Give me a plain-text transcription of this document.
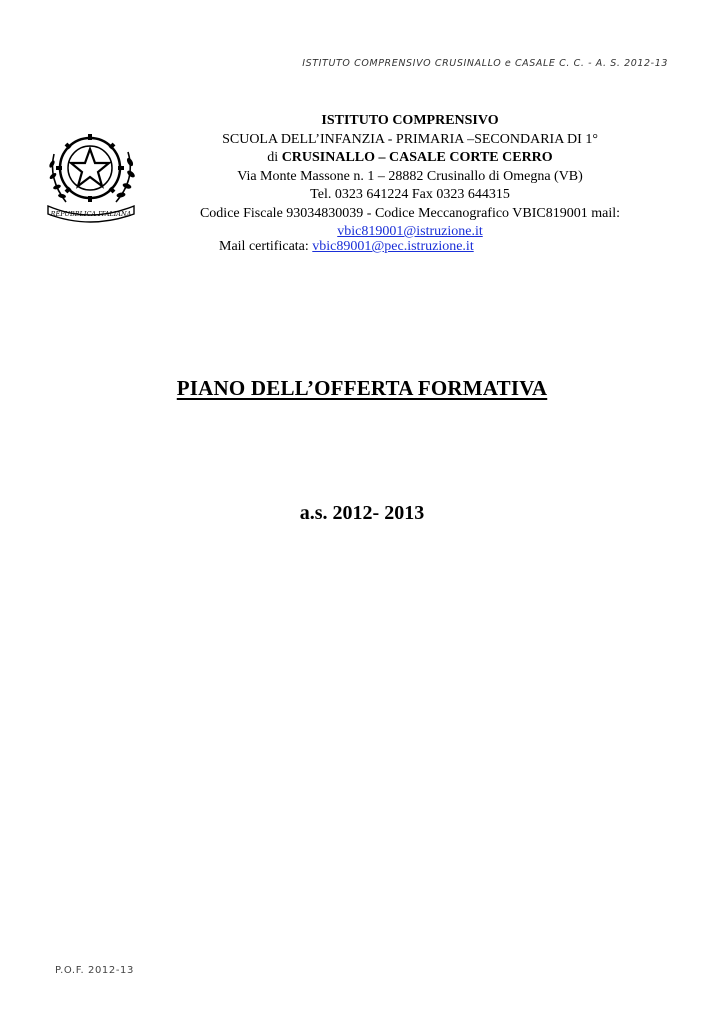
ISTITUTO COMPRENSIVO CRUSINALLO e CASALE C. C. - A. S. 2012-13
REPUBBLICA ITALIANA
ISTITUTO COMPRENSIVO
SCUOLA DELL’INFANZIA - PRIMARIA –SECONDARIA DI 1°
di CRUSINALLO – CASALE CORTE CERRO
Via Monte Massone n. 1 – 28882 Crusinallo di Omegna (VB)
Tel. 0323 641224 Fax 0323 644315
Codice Fiscale 93034830039 - Codice Meccanografico VBIC819001 mail:
vbic819001@istruzione.it
Mail certificata: vbic89001@pec.istruzione.it
PIANO DELL’OFFERTA FORMATIVA
a.s. 2012- 2013
P.O.F. 2012-13
